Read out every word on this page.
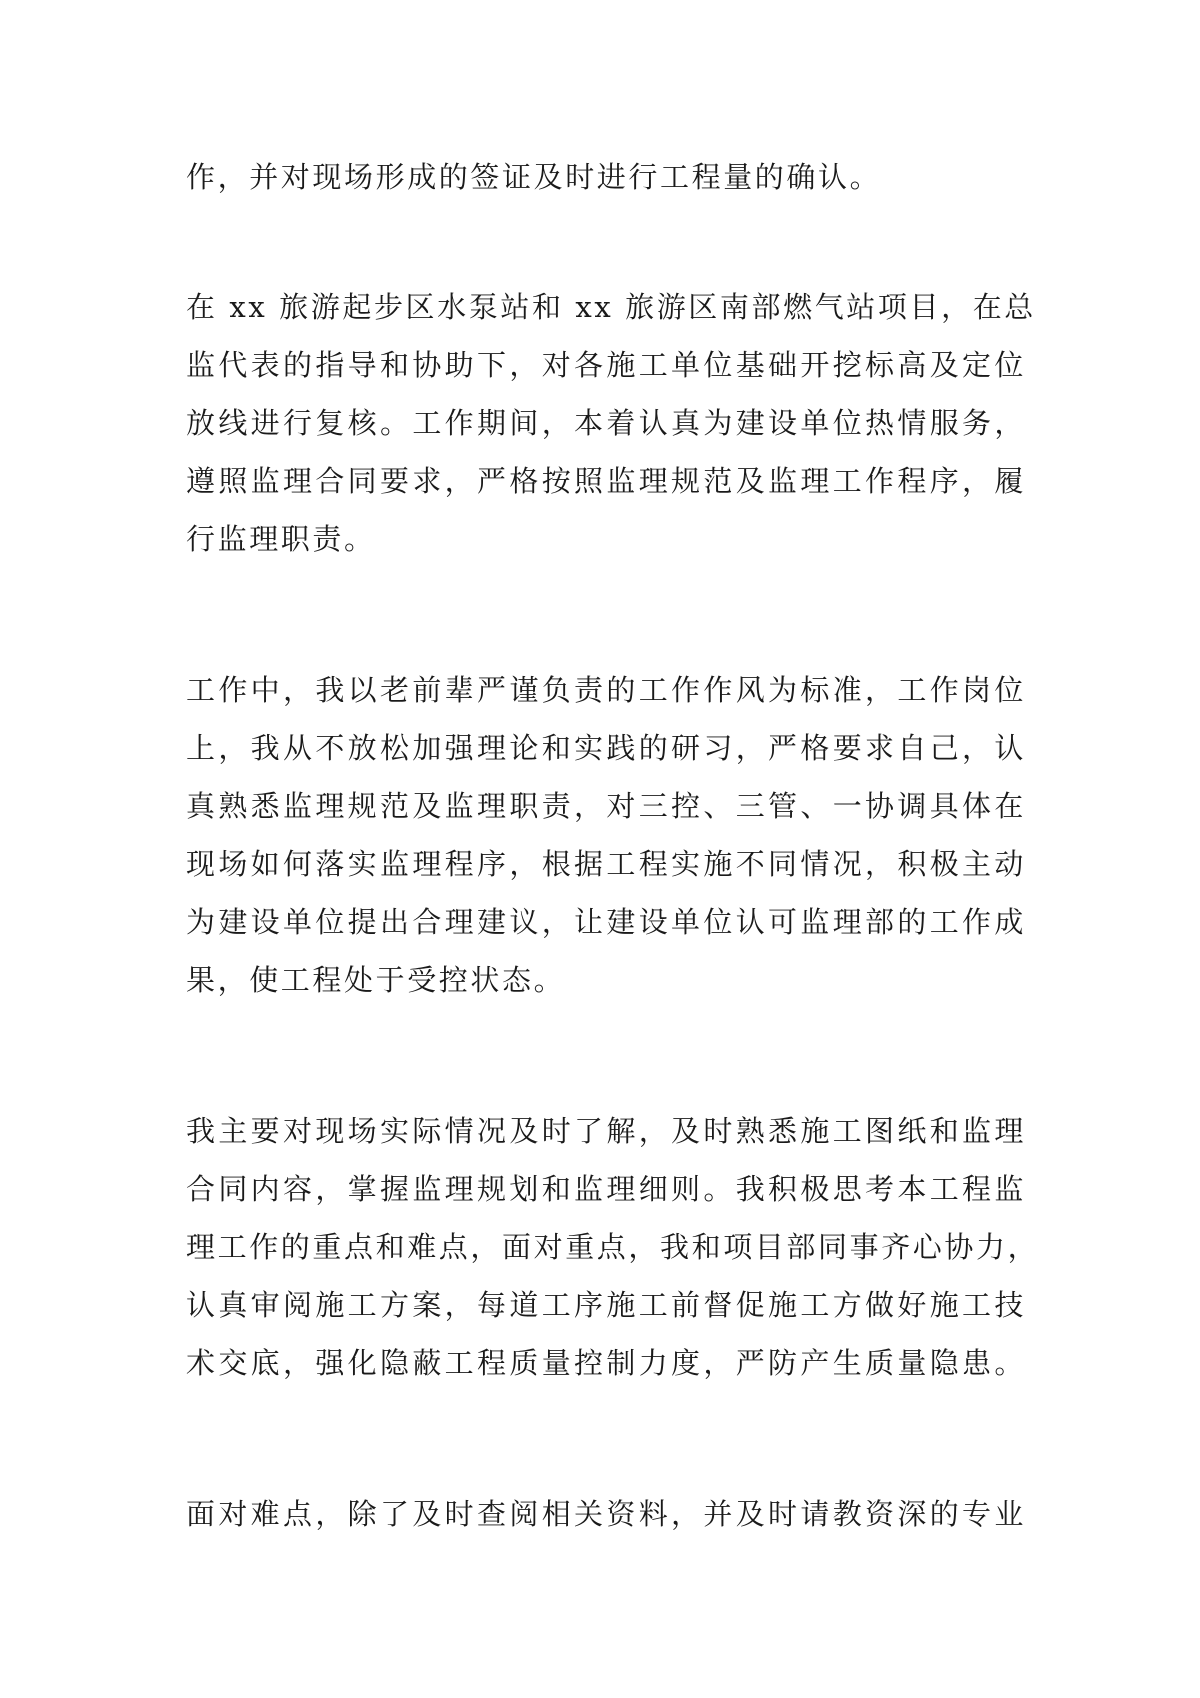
作，并对现场形成的签证及时进行工程量的确认。
在 xx 旅游起步区水泵站和 xx 旅游区南部燃气站项目，在总
监代表的指导和协助下，对各施工单位基础开挖标高及定位
放线进行复核。工作期间，本着认真为建设单位热情服务，
遵照监理合同要求，严格按照监理规范及监理工作程序，履
行监理职责。
工作中，我以老前辈严谨负责的工作作风为标准，工作岗位
上，我从不放松加强理论和实践的研习，严格要求自己，认
真熟悉监理规范及监理职责，对三控、三管、一协调具体在
现场如何落实监理程序，根据工程实施不同情况，积极主动
为建设单位提出合理建议，让建设单位认可监理部的工作成
果，使工程处于受控状态。
我主要对现场实际情况及时了解，及时熟悉施工图纸和监理
合同内容，掌握监理规划和监理细则。我积极思考本工程监
理工作的重点和难点，面对重点，我和项目部同事齐心协力，
认真审阅施工方案，每道工序施工前督促施工方做好施工技
术交底，强化隐蔽工程质量控制力度，严防产生质量隐患。
面对难点，除了及时查阅相关资料，并及时请教资深的专业
